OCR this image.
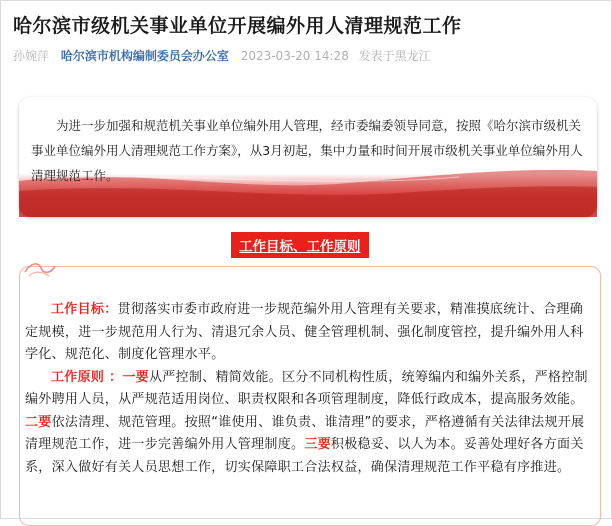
哈尔滨市级机关事业单位开展编外用人清理规范工作
孙婉萍 哈尔滨市机构编制委员会办公室 2023-03-20 14:28 发表于黑龙江
为进一步加强和规范机关事业单位编外用人管理，经市委编委领导同意，按照《哈尔滨市级机关事业单位编外用人清理规范工作方案》，从3月初起，集中力量和时间开展市级机关事业单位编外用人清理规范工作。
工作目标、工作原则

工作目标：贯彻落实市委市政府进一步规范编外用人管理有关要求，精准摸底统计、合理确定规模，进一步规范用人行为、清退冗余人员、健全管理机制、强化制度管控，提升编外用人科学化、规范化、制度化管理水平。

工作原则 ：一要从严控制、精简效能。区分不同机构性质，统筹编内和编外关系，严格控制编外聘用人员，从严规范适用岗位、职责权限和各项管理制度，降低行政成本，提高服务效能。二要依法清理、规范管理。按照“谁使用、谁负责、谁清理”的要求，严格遵循有关法律法规开展清理规范工作，进一步完善编外用人管理制度。三要积极稳妥、以人为本。妥善处理好各方面关系，深入做好有关人员思想工作，切实保障职工合法权益，确保清理规范工作平稳有序推进。
